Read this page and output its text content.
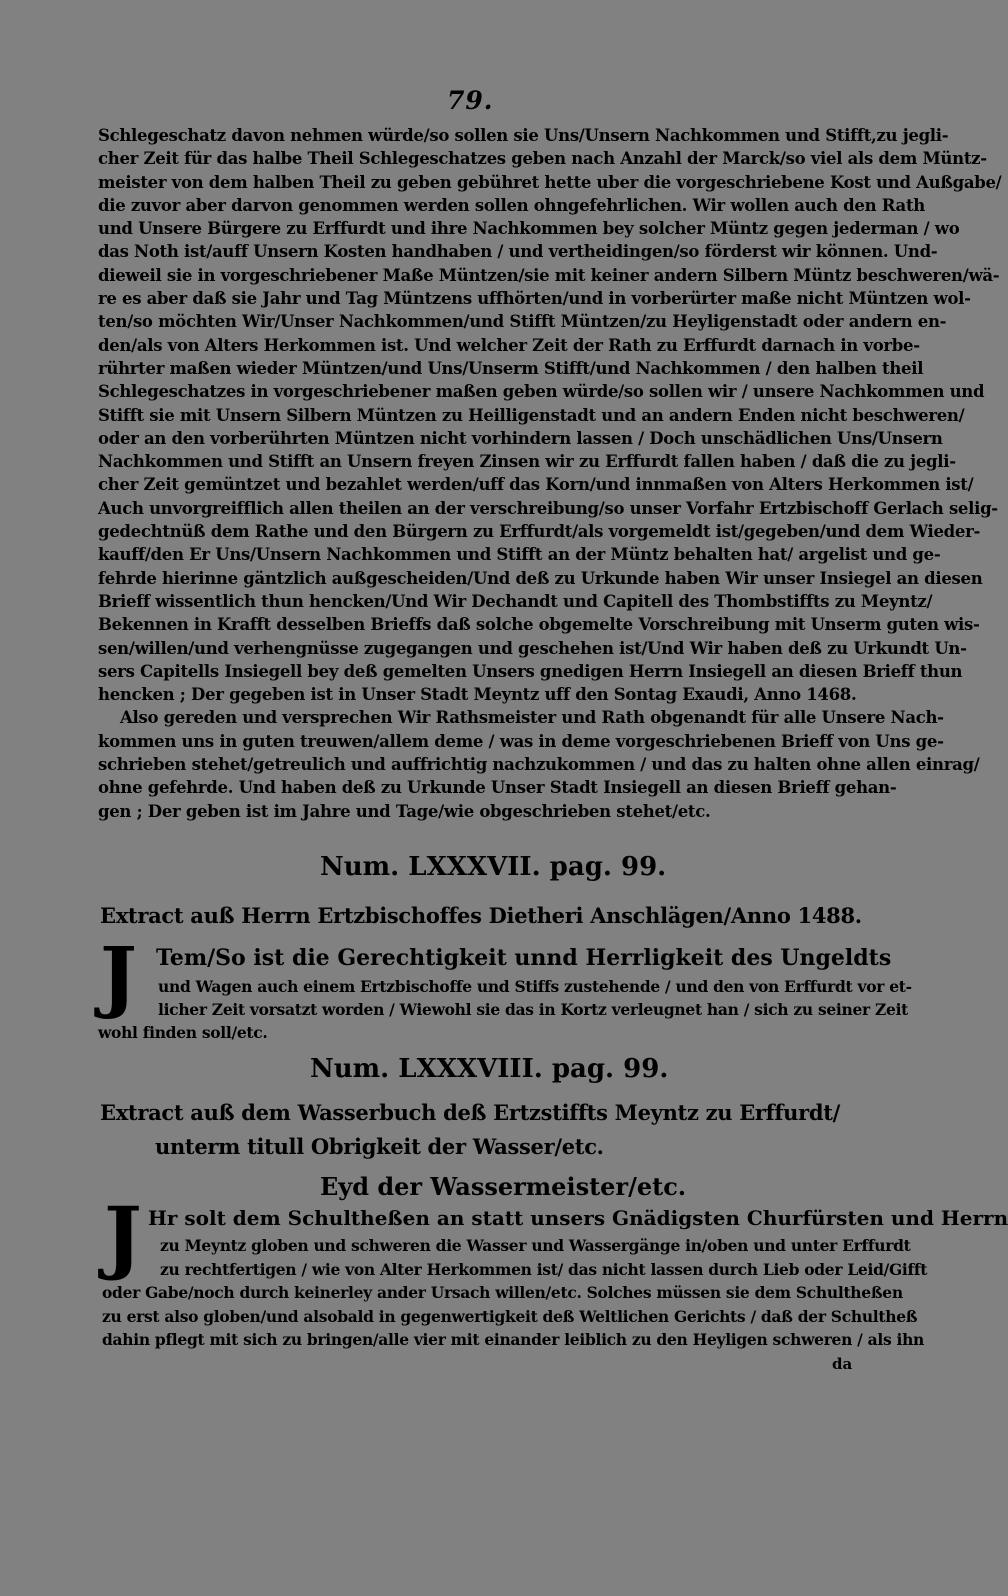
79.
Schlegeschatz davon nehmen würde/so sollen sie Uns/Unsern Nachkommen und Stifft,zu jegli-
cher Zeit für das halbe Theil Schlegeschatzes geben nach Anzahl der Marck/so viel als dem Müntz-
meister von dem halben Theil zu geben gebühret hette uber die vorgeschriebene Kost und Außgabe/
die zuvor aber darvon genommen werden sollen ohngefehrlichen. Wir wollen auch den Rath
und Unsere Bürgere zu Erffurdt und ihre Nachkommen bey solcher Müntz gegen jederman / wo
das Noth ist/auff Unsern Kosten handhaben / und vertheidingen/so förderst wir können. Und-
dieweil sie in vorgeschriebener Maße Müntzen/sie mit keiner andern Silbern Müntz beschweren/wä-
re es aber daß sie Jahr und Tag Müntzens uffhörten/und in vorberürter maße nicht Müntzen wol-
ten/so möchten Wir/Unser Nachkommen/und Stifft Müntzen/zu Heyligenstadt oder andern en-
den/als von Alters Herkommen ist. Und welcher Zeit der Rath zu Erffurdt darnach in vorbe-
rührter maßen wieder Müntzen/und Uns/Unserm Stifft/und Nachkommen / den halben theil
Schlegeschatzes in vorgeschriebener maßen geben würde/so sollen wir / unsere Nachkommen und
Stifft sie mit Unsern Silbern Müntzen zu Heilligenstadt und an andern Enden nicht beschweren/
oder an den vorberührten Müntzen nicht vorhindern lassen / Doch unschädlichen Uns/Unsern
Nachkommen und Stifft an Unsern freyen Zinsen wir zu Erffurdt fallen haben / daß die zu jegli-
cher Zeit gemüntzet und bezahlet werden/uff das Korn/und innmaßen von Alters Herkommen ist/
Auch unvorgreifflich allen theilen an der verschreibung/so unser Vorfahr Ertzbischoff Gerlach selig-
gedechtnüß dem Rathe und den Bürgern zu Erffurdt/als vorgemeldt ist/gegeben/und dem Wieder-
kauff/den Er Uns/Unsern Nachkommen und Stifft an der Müntz behalten hat/ argelist und ge-
fehrde hierinne gäntzlich außgescheiden/Und deß zu Urkunde haben Wir unser Insiegel an diesen
Brieff wissentlich thun hencken/Und Wir Dechandt und Capitell des Thombstiffts zu Meyntz/
Bekennen in Krafft desselben Brieffs daß solche obgemelte Vorschreibung mit Unserm guten wis-
sen/willen/und verhengnüsse zugegangen und geschehen ist/Und Wir haben deß zu Urkundt Un-
sers Capitells Insiegell bey deß gemelten Unsers gnedigen Herrn Insiegell an diesen Brieff thun
hencken ; Der gegeben ist in Unser Stadt Meyntz uff den Sontag Exaudi, Anno 1468.
Also gereden und versprechen Wir Rathsmeister und Rath obgenandt für alle Unsere Nach-
kommen uns in guten treuwen/allem deme / was in deme vorgeschriebenen Brieff von Uns ge-
schrieben stehet/getreulich und auffrichtig nachzukommen / und das zu halten ohne allen einrag/
ohne gefehrde. Und haben deß zu Urkunde Unser Stadt Insiegell an diesen Brieff gehan-
gen ; Der geben ist im Jahre und Tage/wie obgeschrieben stehet/etc.
Num. LXXXVII. pag. 99.
Extract auß Herrn Ertzbischoffes Dietheri Anschlägen/Anno 1488.
J Tem/So ist die Gerechtigkeit unnd Herrligkeit des Ungeldts
und Wagen auch einem Ertzbischoffe und Stiffs zustehende / und den von Erffurdt vor et-
licher Zeit vorsatzt worden / Wiewohl sie das in Kortz verleugnet han / sich zu seiner Zeit
wohl finden soll/etc.
Num. LXXXVIII. pag. 99.
Extract auß dem Wasserbuch deß Ertzstiffts Meyntz zu Erffurdt/
unterm titull Obrigkeit der Wasser/etc.
Eyd der Wassermeister/etc.
J Hr solt dem Schultheßen an statt unsers Gnädigsten Churfürsten und Herrn
zu Meyntz globen und schweren die Wasser und Wassergänge in/oben und unter Erffurdt
zu rechtfertigen / wie von Alter Herkommen ist/ das nicht lassen durch Lieb oder Leid/Gifft
oder Gabe/noch durch keinerley ander Ursach willen/etc. Solches müssen sie dem Schultheßen
zu erst also globen/und alsobald in gegenwertigkeit deß Weltlichen Gerichts / daß der Schultheß
dahin pflegt mit sich zu bringen/alle vier mit einander leiblich zu den Heyligen schweren / als ihn
da
